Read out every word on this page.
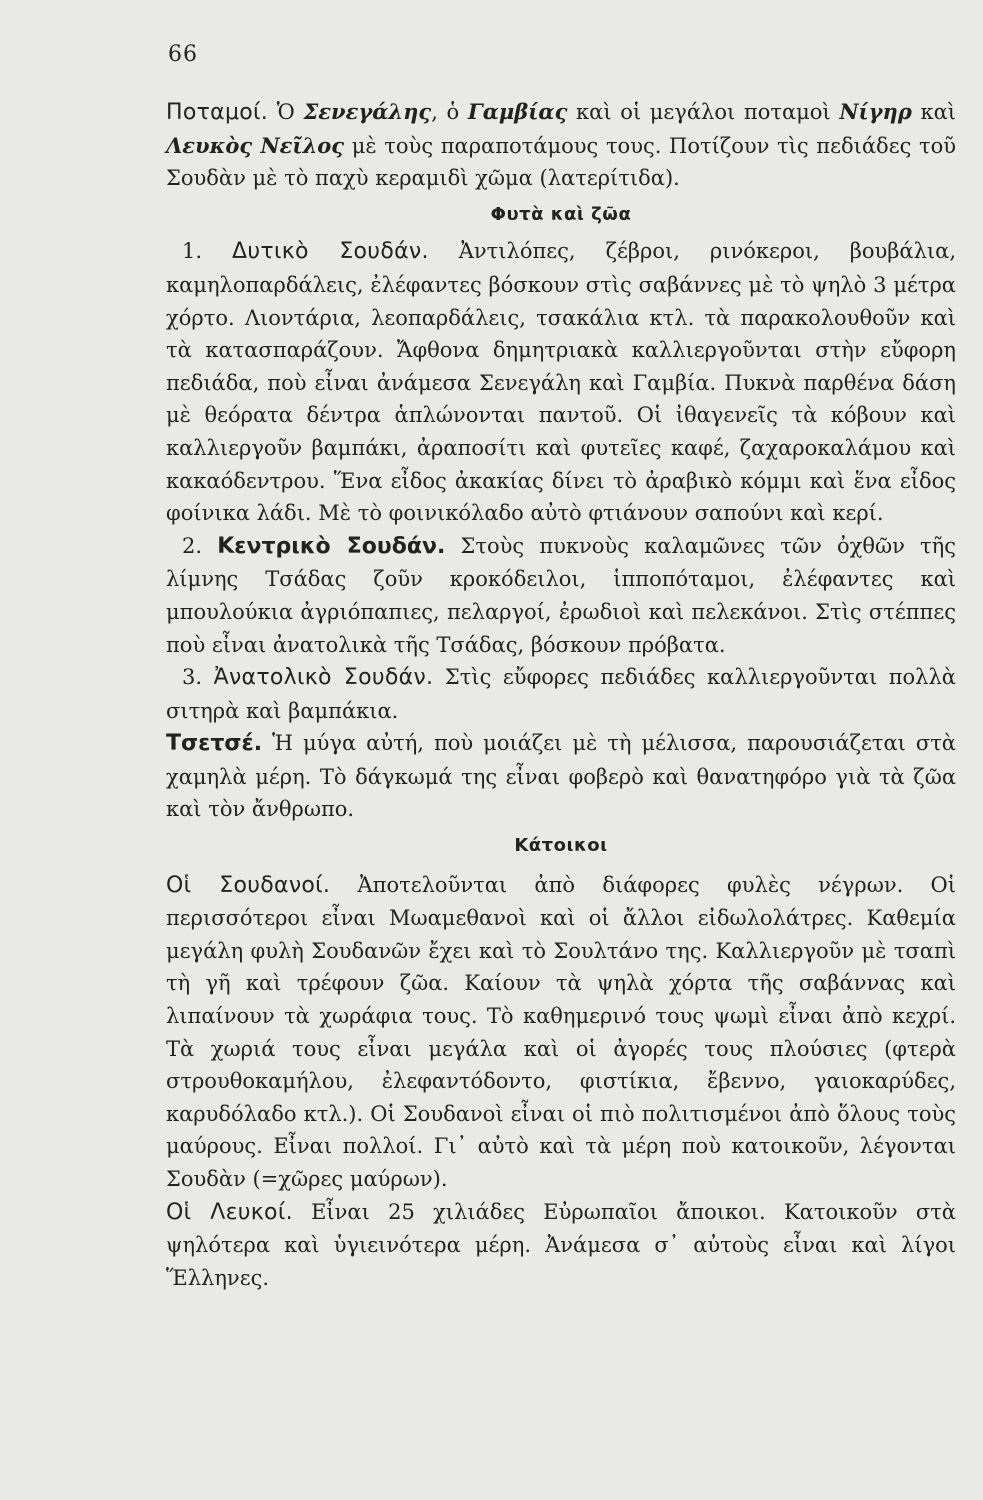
66

Ποταμοί. Ὁ Σενεγάλης, ὁ Γαμβίας καὶ οἱ μεγάλοι ποταμοὶ Νίγηρ καὶ Λευκὸς Νεῖλος μὲ τοὺς παραποτάμους τους. Ποτίζουν τὶς πεδιάδες τοῦ Σουδὰν μὲ τὸ παχὺ κεραμιδὶ χῶμα (λατερίτιδα).

Φυτὰ καὶ ζῶα

1. Δυτικὸ Σουδάν. Ἀντιλόπες, ζέβροι, ρινόκεροι, βουβάλια, καμηλοπαρδάλεις, ἐλέφαντες βόσκουν στὶς σαβάννες μὲ τὸ ψηλὸ 3 μέτρα χόρτο. Λιοντάρια, λεοπαρδάλεις, τσακάλια κτλ. τὰ παρακολουθοῦν καὶ τὰ κατασπαράζουν. Ἄφθονα δημητριακὰ καλλιεργοῦνται στὴν εὔφορη πεδιάδα, ποὺ εἶναι ἀνάμεσα Σενεγάλη καὶ Γαμβία. Πυκνὰ παρθένα δάση μὲ θεόρατα δέντρα ἁπλώνονται παντοῦ. Οἱ ἰθαγενεῖς τὰ κόβουν καὶ καλλιεργοῦν βαμπάκι, ἀραποσίτι καὶ φυτεῖες καφέ, ζαχαροκαλάμου καὶ κακαόδεντρου. Ἕνα εἶδος ἀκακίας δίνει τὸ ἀραβικὸ κόμμι καὶ ἕνα εἶδος φοίνικα λάδι. Μὲ τὸ φοινικόλαδο αὐτὸ φτιάνουν σαπούνι καὶ κερί.

2. Κεντρικὸ Σουδάν. Στοὺς πυκνοὺς καλαμῶνες τῶν ὀχθῶν τῆς λίμνης Τσάδας ζοῦν κροκόδειλοι, ἱπποπόταμοι, ἐλέφαντες καὶ μπουλούκια ἀγριόπαπιες, πελαργοί, ἐρωδιοὶ καὶ πελεκάνοι. Στὶς στέππες ποὺ εἶναι ἀνατολικὰ τῆς Τσάδας, βόσκουν πρόβατα.

3. Ἀνατολικὸ Σουδάν. Στὶς εὔφορες πεδιάδες καλλιεργοῦνται πολλὰ σιτηρὰ καὶ βαμπάκια.

Τσετσέ. Ἡ μύγα αὐτή, ποὺ μοιάζει μὲ τὴ μέλισσα, παρουσιάζεται στὰ χαμηλὰ μέρη. Τὸ δάγκωμά της εἶναι φοβερὸ καὶ θανατηφόρο γιὰ τὰ ζῶα καὶ τὸν ἄνθρωπο.

Κάτοικοι

Οἱ Σουδανοί. Ἀποτελοῦνται ἀπὸ διάφορες φυλὲς νέγρων. Οἱ περισσότεροι εἶναι Μωαμεθανοὶ καὶ οἱ ἄλλοι εἰδωλολάτρες. Καθεμία μεγάλη φυλὴ Σουδανῶν ἔχει καὶ τὸ Σουλτάνο της. Καλλιεργοῦν μὲ τσαπὶ τὴ γῆ καὶ τρέφουν ζῶα. Καίουν τὰ ψηλὰ χόρτα τῆς σαβάννας καὶ λιπαίνουν τὰ χωράφια τους. Τὸ καθημερινό τους ψωμὶ εἶναι ἀπὸ κεχρί. Τὰ χωριά τους εἶναι μεγάλα καὶ οἱ ἀγορές τους πλούσιες (φτερὰ στρουθοκαμήλου, ἐλεφαντόδοντο, φιστίκια, ἔβεννο, γαιοκαρύδες, καρυδόλαδο κτλ.). Οἱ Σουδανοὶ εἶναι οἱ πιὸ πολιτισμένοι ἀπὸ ὅλους τοὺς μαύρους. Εἶναι πολλοί. Γι᾿ αὐτὸ καὶ τὰ μέρη ποὺ κατοικοῦν, λέγονται Σουδὰν (=χῶρες μαύρων).

Οἱ Λευκοί. Εἶναι 25 χιλιάδες Εὐρωπαῖοι ἄποικοι. Κατοικοῦν στὰ ψηλότερα καὶ ὑγιεινότερα μέρη. Ἀνάμεσα σ᾿ αὐτοὺς εἶναι καὶ λίγοι Ἕλληνες.
